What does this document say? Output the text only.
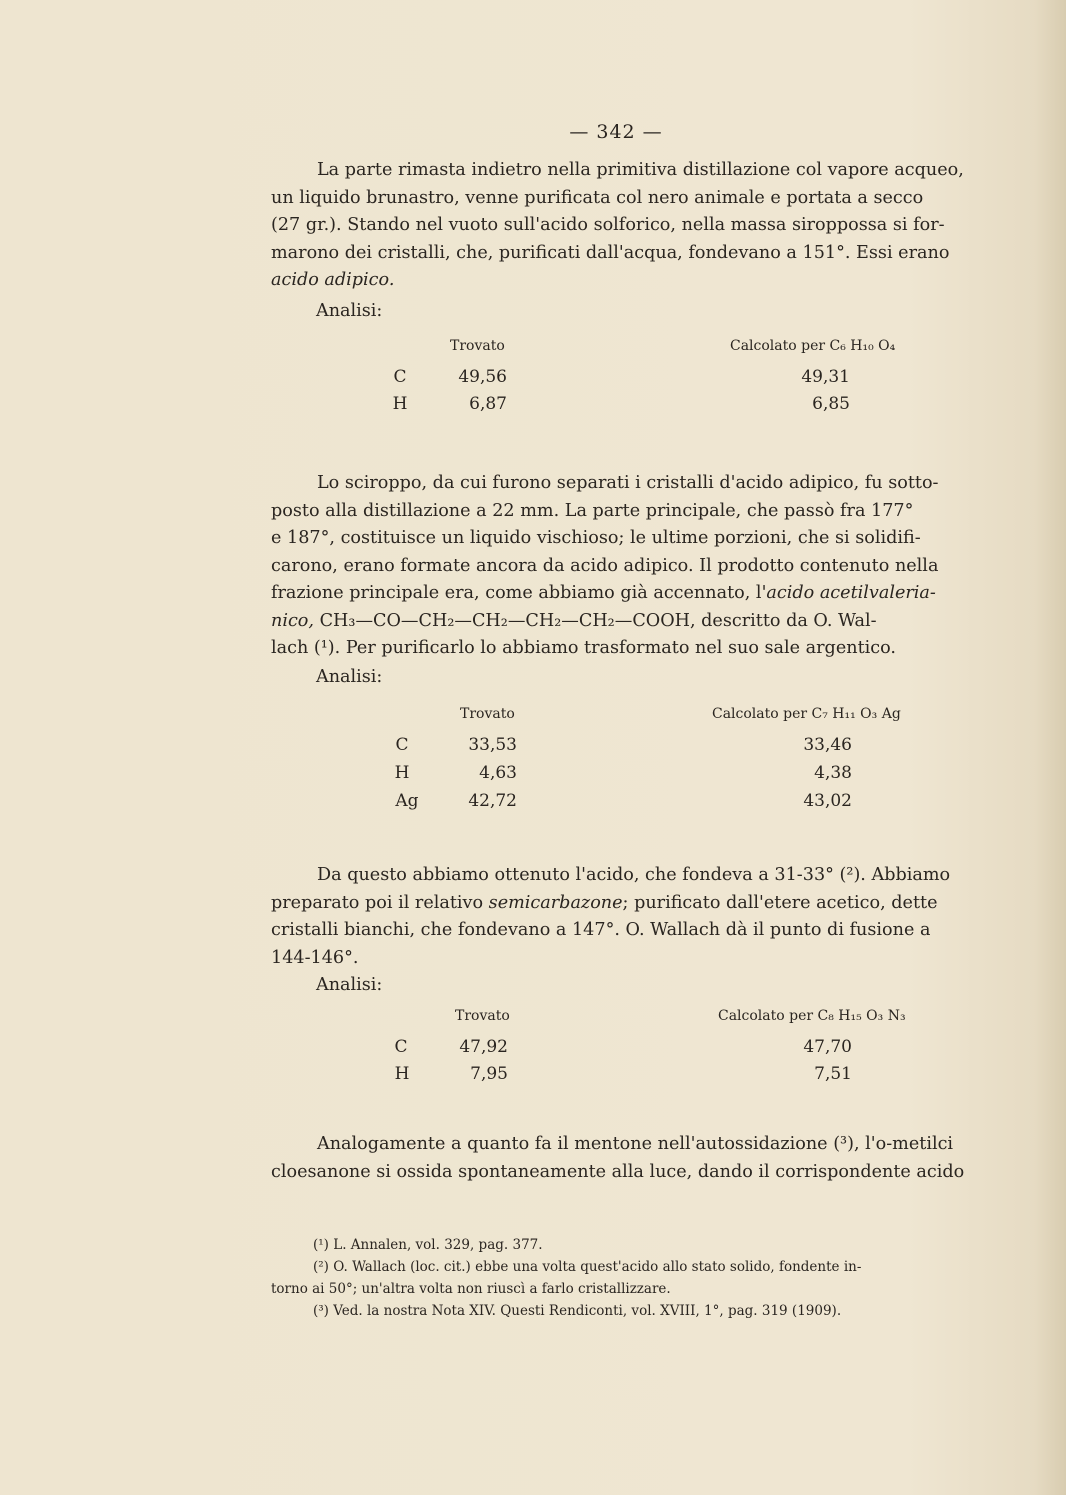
— 342 —
La parte rimasta indietro nella primitiva distillazione col vapore acqueo,
un liquido brunastro, venne purificata col nero animale e portata a secco
(27 gr.). Stando nel vuoto sull'acido solforico, nella massa siroppossa si for-
marono dei cristalli, che, purificati dall'acqua, fondevano a 151°. Essi erano
acido adipico.
Analisi:
Trovato	Calcolato per C₆ H₁₀ O₄
C	49,56	49,31
H	6,87	6,85
Lo sciroppo, da cui furono separati i cristalli d'acido adipico, fu sotto-
posto alla distillazione a 22 mm. La parte principale, che passò fra 177°
e 187°, costituisce un liquido vischioso; le ultime porzioni, che si solidifi-
carono, erano formate ancora da acido adipico. Il prodotto contenuto nella
frazione principale era, come abbiamo già accennato, l'acido acetilvaleria-
nico, CH₃—CO—CH₂—CH₂—CH₂—CH₂—COOH, descritto da O. Wal-
lach (¹). Per purificarlo lo abbiamo trasformato nel suo sale argentico.
Analisi:
Trovato	Calcolato per C₇ H₁₁ O₃ Ag
C	33,53	33,46
H	4,63	4,38
Ag	42,72	43,02
Da questo abbiamo ottenuto l'acido, che fondeva a 31-33° (²). Abbiamo
preparato poi il relativo semicarbazone; purificato dall'etere acetico, dette
cristalli bianchi, che fondevano a 147°. O. Wallach dà il punto di fusione a
144-146°.
Analisi:
Trovato	Calcolato per C₈ H₁₅ O₃ N₃
C	47,92	47,70
H	7,95	7,51
Analogamente a quanto fa il mentone nell'autossidazione (³), l'o-metilci
cloesanone si ossida spontaneamente alla luce, dando il corrispondente acido
(¹) L. Annalen, vol. 329, pag. 377.
(²) O. Wallach (loc. cit.) ebbe una volta quest'acido allo stato solido, fondente in-
torno ai 50°; un'altra volta non riuscì a farlo cristallizzare.
(³) Ved. la nostra Nota XIV. Questi Rendiconti, vol. XVIII, 1°, pag. 319 (1909).
